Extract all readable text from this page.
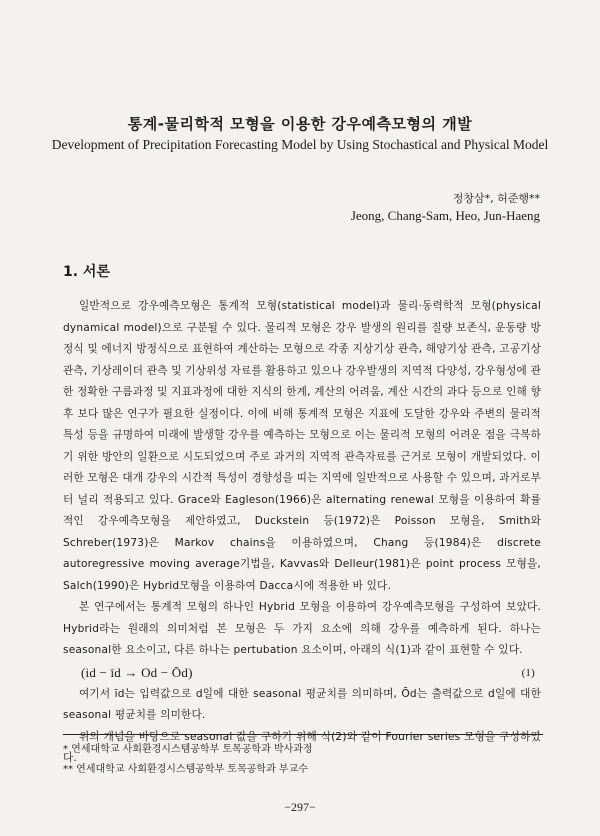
통계-물리학적 모형을 이용한 강우예측모형의 개발
Development of Precipitation Forecasting Model by Using Stochastical and Physical Model
정창삼*, 허준행**
Jeong, Chang-Sam, Heo, Jun-Haeng
1. 서론

일반적으로 강우예측모형은 통계적 모형(statistical model)과 물리·동력학적 모형(physical dynamical model)으로 구분될 수 있다. 물리적 모형은 강우 발생의 원리를 질량 보존식, 운동량 방정식 및 에너지 방정식으로 표현하여 계산하는 모형으로 각종 지상기상 관측, 해양기상 관측, 고공기상 관측, 기상레이더 관측 및 기상위성 자료를 활용하고 있으나 강우발생의 지역적 다양성, 강우형성에 관한 정확한 구름과정 및 지표과정에 대한 지식의 한계, 계산의 어려움, 계산 시간의 과다 등으로 인해 향후 보다 많은 연구가 필요한 실정이다. 이에 비해 통계적 모형은 지표에 도달한 강우와 주변의 물리적 특성 등을 규명하여 미래에 발생할 강우를 예측하는 모형으로 이는 물리적 모형의 어려운 점을 극복하기 위한 방안의 일환으로 시도되었으며 주로 과거의 지역적 관측자료를 근거로 모형이 개발되었다. 이러한 모형은 대개 강우의 시간적 특성이 경향성을 띠는 지역에 일반적으로 사용할 수 있으며, 과거로부터 널리 적용되고 있다. Grace와 Eagleson(1966)은 alternating renewal 모형을 이용하여 확률적인 강우예측모형을 제안하였고, Duckstein 등(1972)은 Poisson 모형을, Smith와 Schreber(1973)은 Markov chains을 이용하였으며, Chang 등(1984)은 discrete autoregressive moving average기법을, Kavvas와 Delleur(1981)은 point process 모형을, Salch(1990)은 Hybrid모형을 이용하여 Dacca시에 적용한 바 있다.

본 연구에서는 통계적 모형의 하나인 Hybrid 모형을 이용하여 강우예측모형을 구성하여 보았다. Hybrid라는 원래의 의미처럼 본 모형은 두 가지 요소에 의해 강우를 예측하게 된다. 하나는 seasonal한 요소이고, 다른 하나는 pertubation 요소이며, 아래의 식(1)과 같이 표현할 수 있다.

(id − īd → Od − Ōd)	(1)

여기서 īd는 입력값으로 d일에 대한 seasonal 평균치를 의미하며, Ōd는 출력값으로 d일에 대한 seasonal 평균치를 의미한다.

위의 개념을 바탕으로 seasonal 값을 구하기 위해 식(2)와 같이 Fourier series 모형을 구성하였다.

* 연세대학교 사회환경시스템공학부 토목공학과 박사과정
** 연세대학교 사회환경시스템공학부 토목공학과 부교수
−297−
